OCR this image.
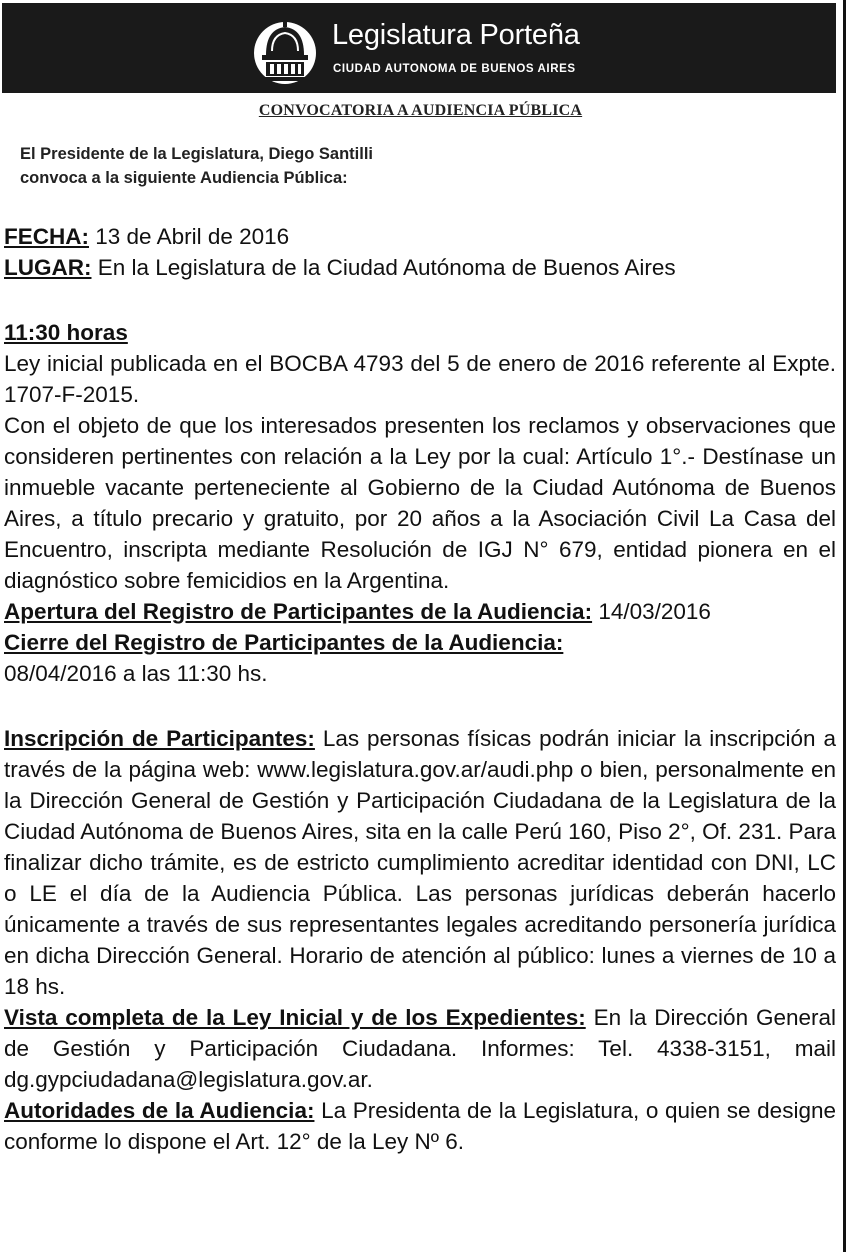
Legislatura Porteña
CIUDAD AUTONOMA DE BUENOS AIRES
CONVOCATORIA A AUDIENCIA PÚBLICA
El Presidente de la Legislatura, Diego Santilli
convoca a la siguiente Audiencia Pública:

FECHA: 13 de Abril de 2016

LUGAR: En la Legislatura de la Ciudad Autónoma de Buenos Aires

11:30 horas

Ley inicial publicada en el BOCBA 4793 del 5 de enero de 2016 referente al Expte. 1707-F-2015.

Con el objeto de que los interesados presenten los reclamos y observaciones que consideren pertinentes con relación a la Ley por la cual: Artículo 1°.- Destínase un inmueble vacante perteneciente al Gobierno de la Ciudad Autónoma de Buenos Aires, a título precario y gratuito, por 20 años a la Asociación Civil La Casa del Encuentro, inscripta mediante Resolución de IGJ N° 679, entidad pionera en el diagnóstico sobre femicidios en la Argentina.

Apertura del Registro de Participantes de la Audiencia: 14/03/2016

Cierre del Registro de Participantes de la Audiencia:

08/04/2016 a las 11:30 hs.

Inscripción de Participantes: Las personas físicas podrán iniciar la inscripción a través de la página web: www.legislatura.gov.ar/audi.php o bien, personalmente en la Dirección General de Gestión y Participación Ciudadana de la Legislatura de la Ciudad Autónoma de Buenos Aires, sita en la calle Perú 160, Piso 2°, Of. 231. Para finalizar dicho trámite, es de estricto cumplimiento acreditar identidad con DNI, LC o LE el día de la Audiencia Pública. Las personas jurídicas deberán hacerlo únicamente a través de sus representantes legales acreditando personería jurídica en dicha Dirección General. Horario de atención al público: lunes a viernes de 10 a 18 hs.

Vista completa de la Ley Inicial y de los Expedientes: En la Dirección General de Gestión y Participación Ciudadana. Informes: Tel. 4338-3151, mail dg.gypciudadana@legislatura.gov.ar.

Autoridades de la Audiencia: La Presidenta de la Legislatura, o quien se designe conforme lo dispone el Art. 12° de la Ley Nº 6.
